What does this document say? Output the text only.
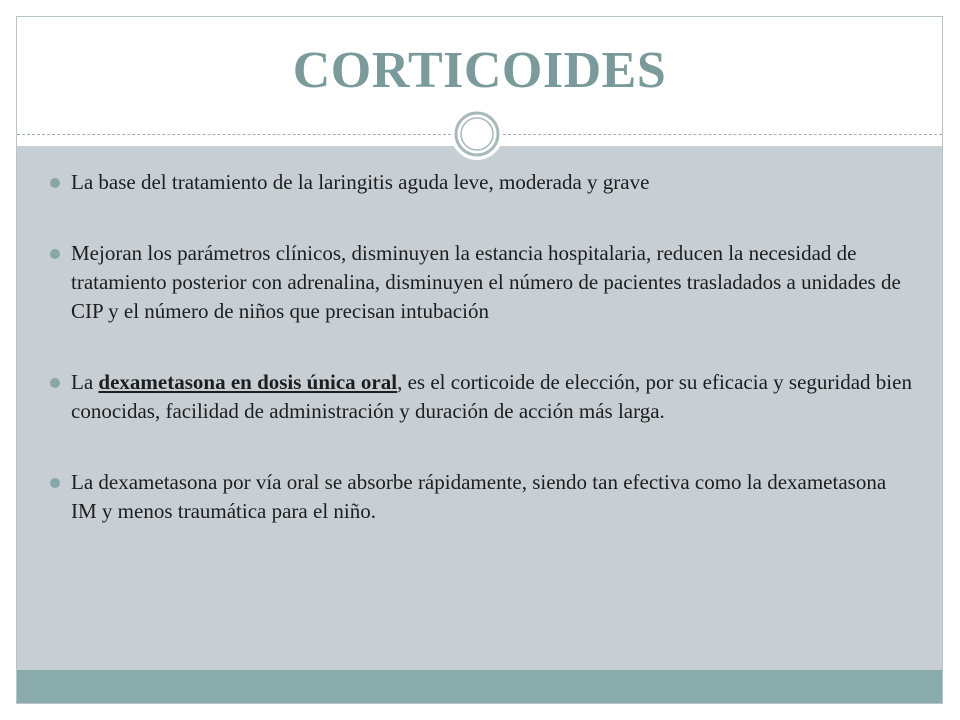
CORTICOIDES
La base del tratamiento de la laringitis aguda leve, moderada y grave
Mejoran los parámetros clínicos, disminuyen la estancia hospitalaria, reducen la necesidad de tratamiento posterior con adrenalina, disminuyen el número de pacientes trasladados a unidades de CIP y el número de niños que precisan intubación
La dexametasona en dosis única oral, es el corticoide de elección, por su eficacia y seguridad bien conocidas, facilidad de administración y duración de acción más larga.
La dexametasona por vía oral se absorbe rápidamente, siendo tan efectiva como la dexametasona IM y menos traumática para el niño.
